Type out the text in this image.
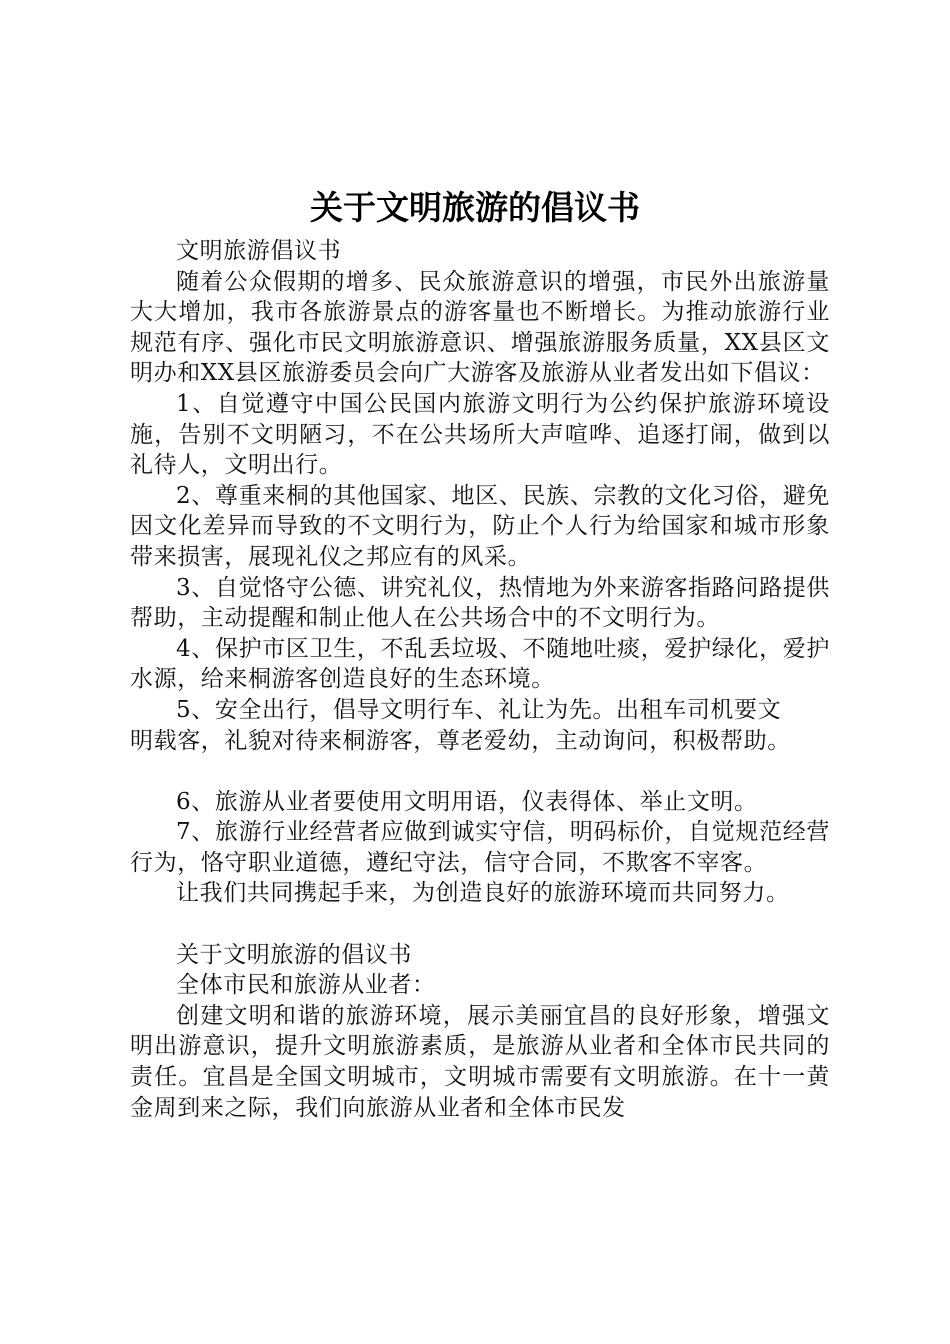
关于文明旅游的倡议书

文明旅游倡议书

随着公众假期的增多、民众旅游意识的增强，市民外出旅游量大大增加，我市各旅游景点的游客量也不断增长。为推动旅游行业规范有序、强化市民文明旅游意识、增强旅游服务质量，XX县区文明办和XX县区旅游委员会向广大游客及旅游从业者发出如下倡议：

1、自觉遵守中国公民国内旅游文明行为公约保护旅游环境设施，告别不文明陋习，不在公共场所大声喧哗、追逐打闹，做到以礼待人，文明出行。

2、尊重来桐的其他国家、地区、民族、宗教的文化习俗，避免因文化差异而导致的不文明行为，防止个人行为给国家和城市形象带来损害，展现礼仪之邦应有的风采。

3、自觉恪守公德、讲究礼仪，热情地为外来游客指路问路提供帮助，主动提醒和制止他人在公共场合中的不文明行为。

4、保护市区卫生，不乱丢垃圾、不随地吐痰，爱护绿化，爱护水源，给来桐游客创造良好的生态环境。

5、安全出行，倡导文明行车、礼让为先。出租车司机要文

明载客，礼貌对待来桐游客，尊老爱幼，主动询问，积极帮助。

6、旅游从业者要使用文明用语，仪表得体、举止文明。

7、旅游行业经营者应做到诚实守信，明码标价，自觉规范经营行为，恪守职业道德，遵纪守法，信守合同，不欺客不宰客。

让我们共同携起手来，为创造良好的旅游环境而共同努力。

关于文明旅游的倡议书

全体市民和旅游从业者：

创建文明和谐的旅游环境，展示美丽宜昌的良好形象，增强文明出游意识，提升文明旅游素质，是旅游从业者和全体市民共同的责任。宜昌是全国文明城市，文明城市需要有文明旅游。在十一黄金周到来之际，我们向旅游从业者和全体市民发
